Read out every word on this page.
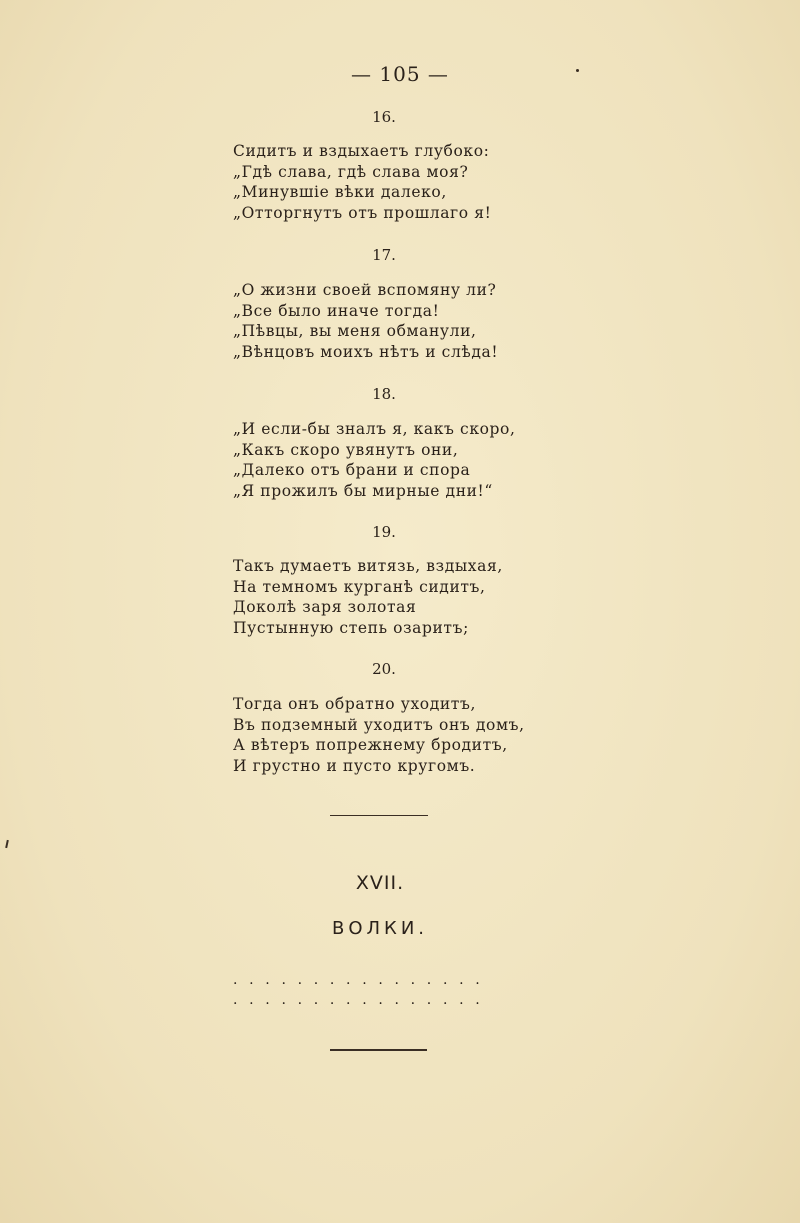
— 105 —
16.
Сидитъ и вздыхаетъ глубоко:
„Гдѣ слава, гдѣ слава моя?
„Минувшіе вѣки далеко,
„Отторгнутъ отъ прошлаго я!
17.
„О жизни своей вспомяну ли?
„Все было иначе тогда!
„Пѣвцы, вы меня обманули,
„Вѣнцовъ моихъ нѣтъ и слѣда!
18.
„И если-бы зналъ я, какъ скоро,
„Какъ скоро увянутъ они,
„Далеко отъ брани и спора
„Я прожилъ бы мирные дни!“
19.
Такъ думаетъ витязь, вздыхая,
На темномъ курганѣ сидитъ,
Доколѣ заря золотая
Пустынную степь озаритъ;
20.
Тогда онъ обратно уходитъ,
Въ подземный уходитъ онъ домъ,
А вѣтеръ попрежнему бродитъ,
И грустно и пусто кругомъ.
XVII.
ВОЛКИ.
................
................
